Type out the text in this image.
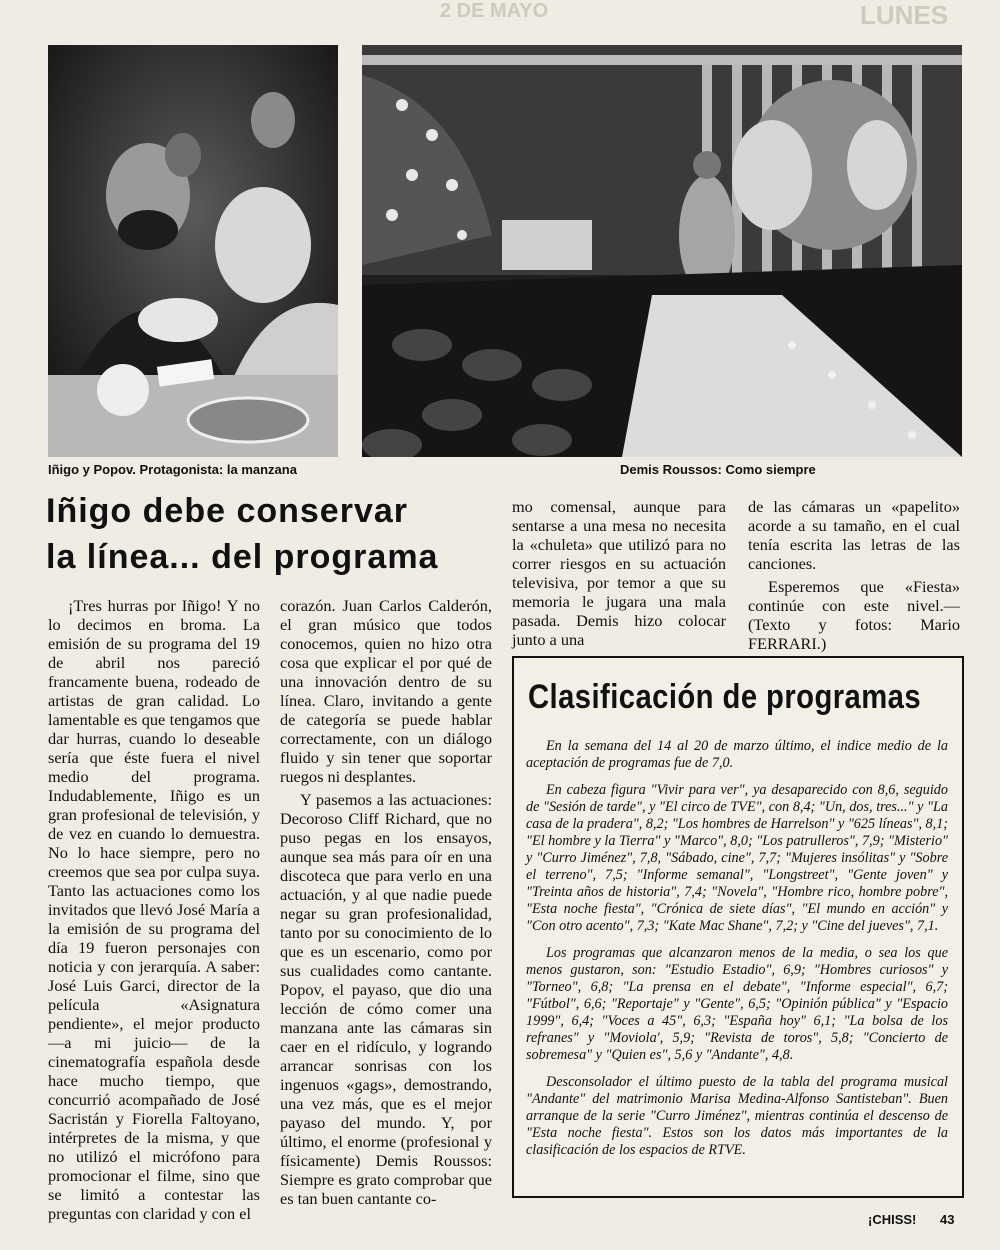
LUNES
2 DE MAYO
Iñigo y Popov. Protagonista: la manzana	Demis Roussos: Como siempre
Iñigo debe conservar
la línea... del programa

¡Tres hurras por Iñigo! Y no lo decimos en broma. La emisión de su programa del 19 de abril nos pareció francamente buena, rodeado de artistas de gran calidad. Lo lamentable es que tengamos que dar hurras, cuando lo deseable sería que éste fuera el nivel medio del programa. Indudablemente, Iñigo es un gran profesional de televisión, y de vez en cuando lo demuestra. No lo hace siempre, pero no creemos que sea por culpa suya. Tanto las actuaciones como los invitados que llevó José María a la emisión de su programa del día 19 fueron personajes con noticia y con jerarquía. A saber: José Luis Garci, director de la película «Asignatura pendiente», el mejor producto —a mi juicio— de la cinematografía española desde hace mucho tiempo, que concurrió acompañado de José Sacristán y Fiorella Faltoyano, intérpretes de la misma, y que no utilizó el micrófono para promocionar el filme, sino que se limitó a contestar las preguntas con claridad y con el

corazón. Juan Carlos Calderón, el gran músico que todos conocemos, quien no hizo otra cosa que explicar el por qué de una innovación dentro de su línea. Claro, invitando a gente de categoría se puede hablar correctamente, con un diálogo fluido y sin tener que soportar ruegos ni desplantes.

Y pasemos a las actuaciones: Decoroso Cliff Richard, que no puso pegas en los ensayos, aunque sea más para oír en una discoteca que para verlo en una actuación, y al que nadie puede negar su gran profesionalidad, tanto por su conocimiento de lo que es un escenario, como por sus cualidades como cantante. Popov, el payaso, que dio una lección de cómo comer una manzana ante las cámaras sin caer en el ridículo, y logrando arrancar sonrisas con los ingenuos «gags», demostrando, una vez más, que es el mejor payaso del mundo. Y, por último, el enorme (profesional y físicamente) Demis Roussos: Siempre es grato comprobar que es tan buen cantante co-

mo comensal, aunque para sentarse a una mesa no necesita la «chuleta» que utilizó para no correr riesgos en su actuación televisiva, por temor a que su memoria le jugara una mala pasada. Demis hizo colocar junto a una

de las cámaras un «papelito» acorde a su tamaño, en el cual tenía escrita las letras de las canciones.

Esperemos que «Fiesta» continúe con este nivel.— (Texto y fotos: Mario FERRARI.)

Clasificación de programas

En la semana del 14 al 20 de marzo último, el indice medio de la aceptación de programas fue de 7,0.

En cabeza figura "Vivir para ver", ya desaparecido con 8,6, seguido de "Sesión de tarde", y "El circo de TVE", con 8,4; "Un, dos, tres..." y "La casa de la pradera", 8,2; "Los hombres de Harrelson" y "625 líneas", 8,1; "El hombre y la Tierra" y "Marco", 8,0; "Los patrulleros", 7,9; "Misterio" y "Curro Jiménez", 7,8, "Sábado, cine", 7,7; "Mujeres insólitas" y "Sobre el terreno", 7,5; "Informe semanal", "Longstreet", "Gente joven" y "Treinta años de historia", 7,4; "Novela", "Hombre rico, hombre pobre", "Esta noche fiesta", "Crónica de siete días", "El mundo en acción" y "Con otro acento", 7,3; "Kate Mac Shane", 7,2; y "Cine del jueves", 7,1.

Los programas que alcanzaron menos de la media, o sea los que menos gustaron, son: "Estudio Estadio", 6,9; "Hombres curiosos" y "Torneo", 6,8; "La prensa en el debate", "Informe especial", 6,7; "Fútbol", 6,6; "Reportaje" y "Gente", 6,5; "Opinión pública" y "Espacio 1999", 6,4; "Voces a 45", 6,3; "España hoy" 6,1; "La bolsa de los refranes" y "Moviola', 5,9; "Revista de toros", 5,8; "Concierto de sobremesa" y "Quien es", 5,6 y "Andante", 4,8.

Desconsolador el último puesto de la tabla del programa musical "Andante" del matrimonio Marisa Medina-Alfonso Santisteban". Buen arranque de la serie "Curro Jiménez", mientras continúa el descenso de "Esta noche fiesta". Estos son los datos más importantes de la clasificación de los espacios de RTVE.

¡CHISS! 43
